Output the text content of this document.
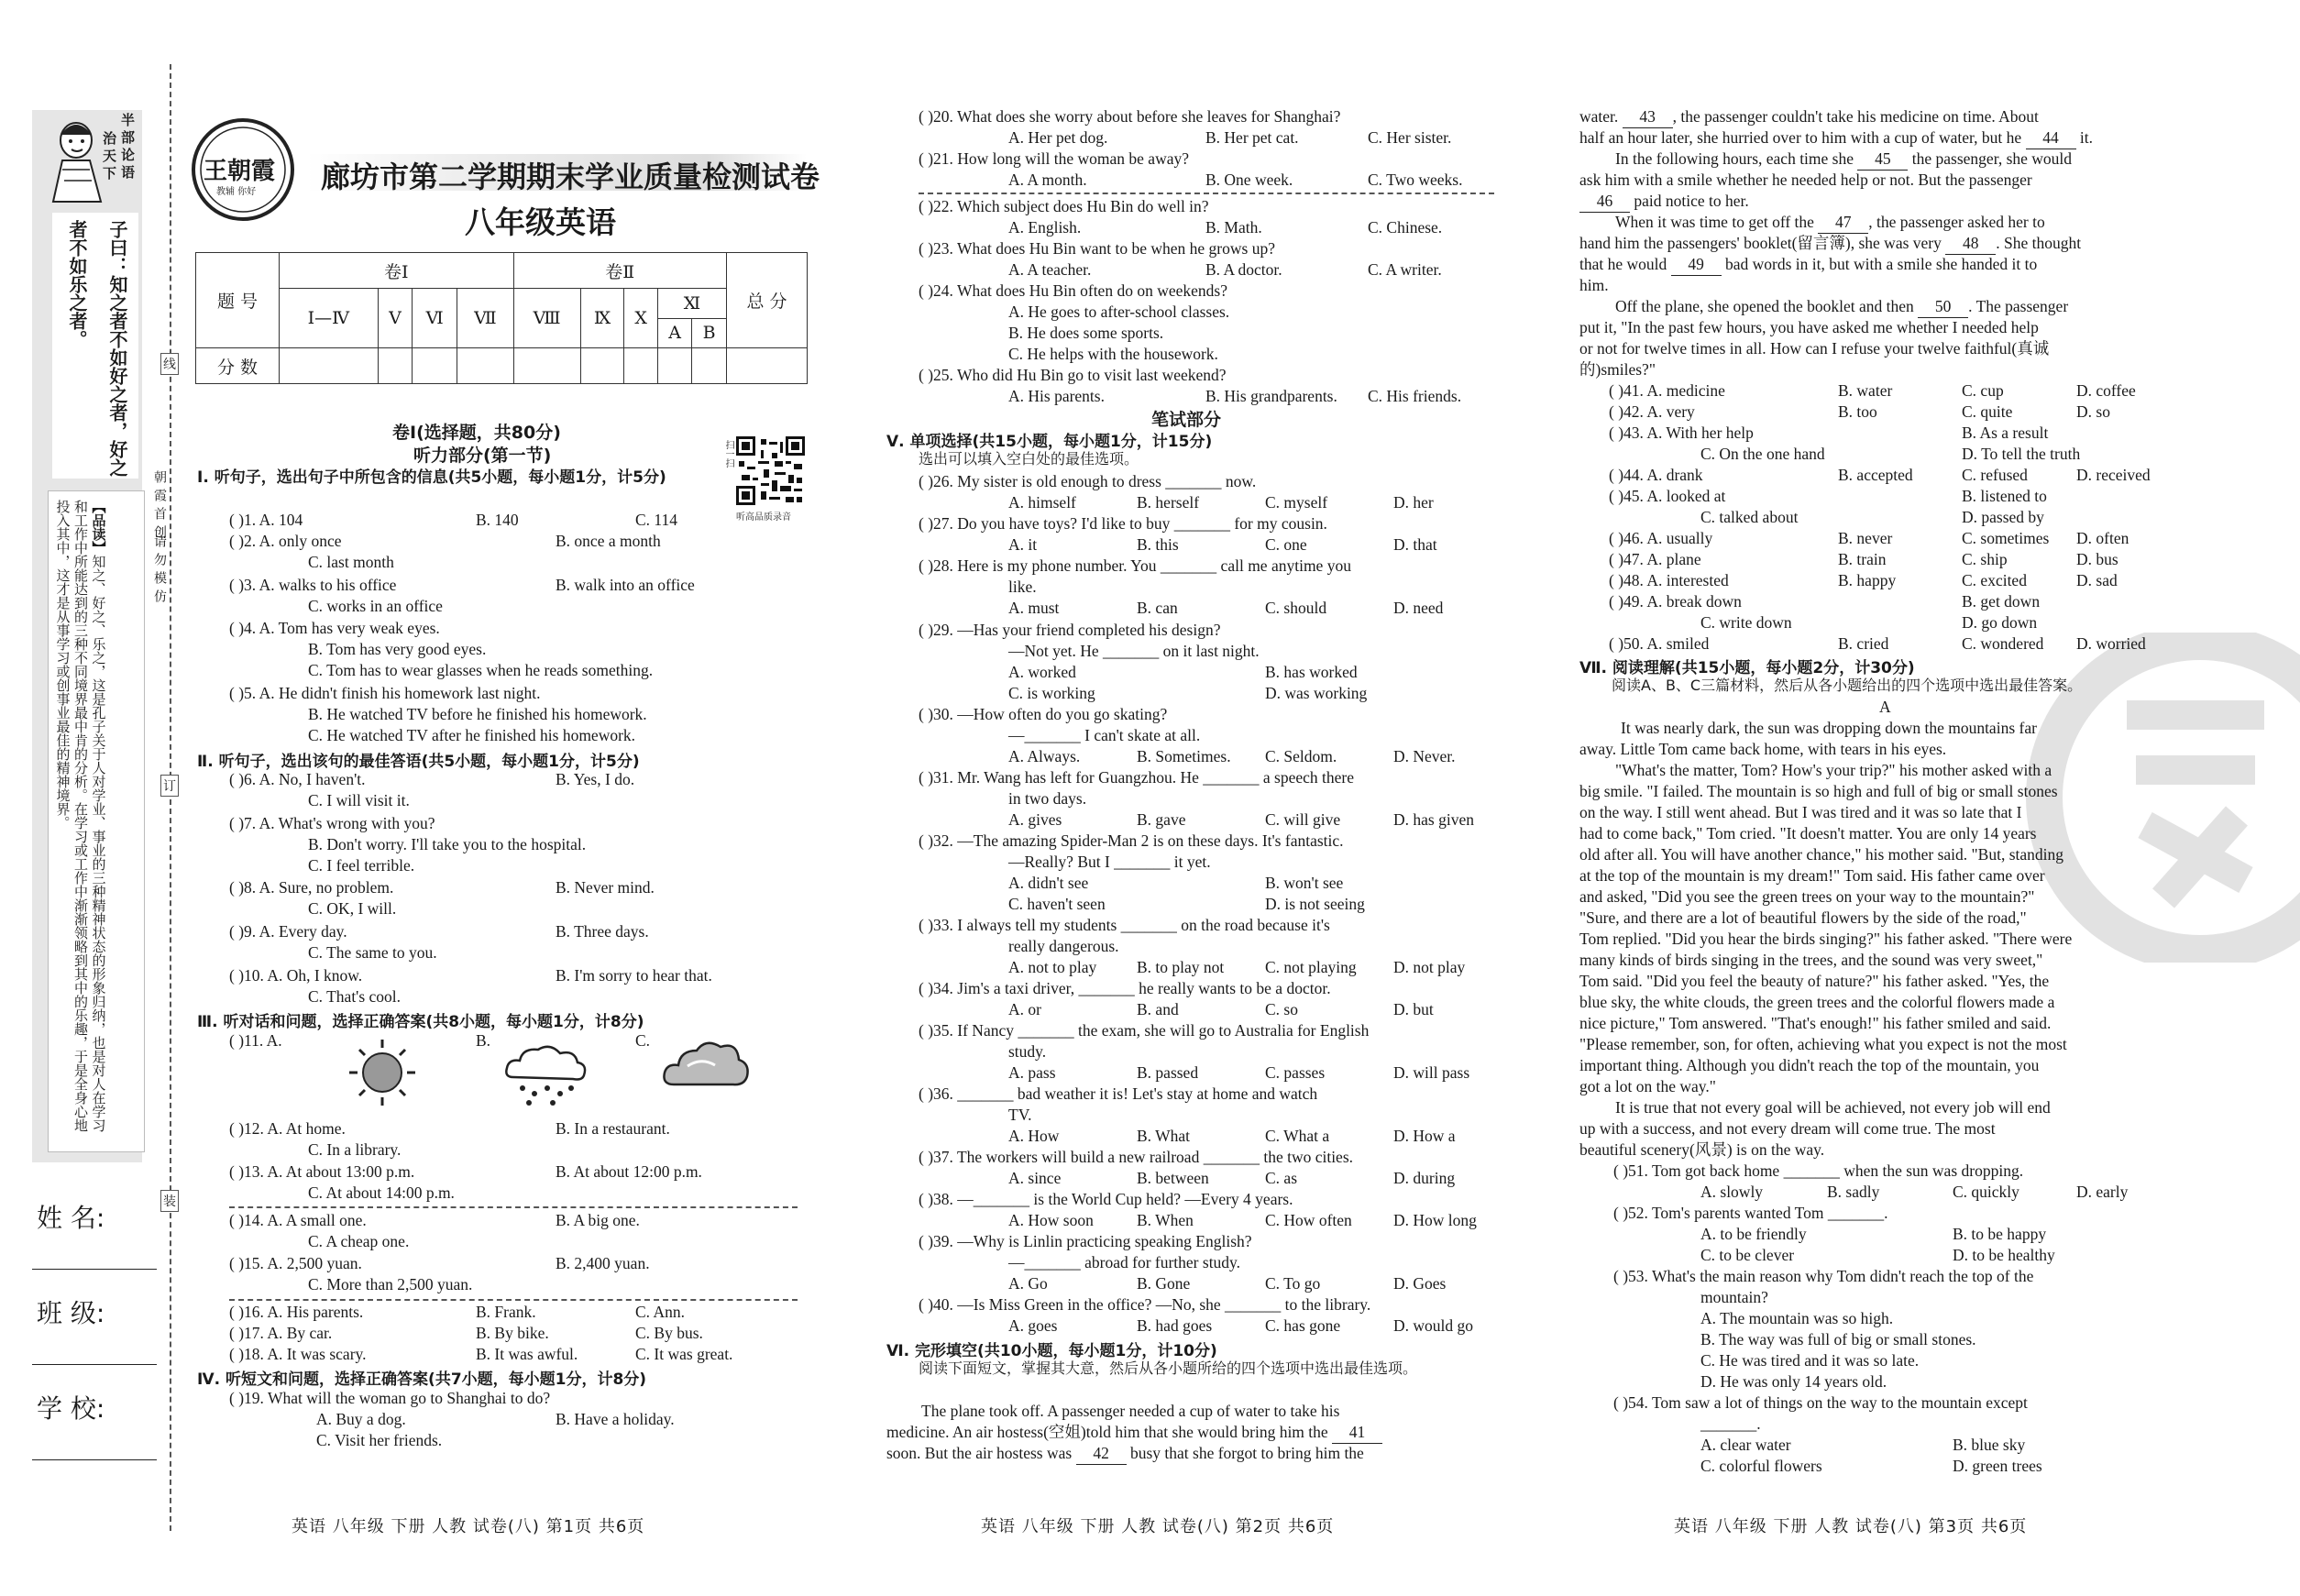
半部论语
治天下
子曰：知之者不如好之者，好之者不如乐之者。
【品读】知之、好之、乐之，这是孔子关于人对学业、事业的三种精神状态的形象归纳，也是对人在学习和工作中所能达到的三种不同境界最中肯的分析。在学习或工作中渐渐领略到其中的乐趣，于是全身心地投入其中，这才是从事学习或创事业最佳的精神境界。	朝霞首创
请勿模仿
线
订
装
姓 名:
班 级:
学 校:
王朝霞
教辅 你好 廊坊市第二学期期末学业质量检测试卷
八年级英语
题 号	卷Ⅰ				卷Ⅱ					总 分
	Ⅰ—Ⅳ	Ⅴ	Ⅵ	Ⅶ	Ⅷ	Ⅸ	Ⅹ	Ⅺ		
								A	B	
分 数										
扫一扫
听高品质录音
卷Ⅰ(选择题，共80分)
听力部分(第一节)
Ⅰ. 听句子，选出句子中所包含的信息(共5小题，每小题1分，计5分)
( )1. A. 104	B. 140	C. 114
( )2. A. only once	B. once a month
C. last month
( )3. A. walks to his office	B. walk into an office
C. works in an office
( )4. A. Tom has very weak eyes.
B. Tom has very good eyes.
C. Tom has to wear glasses when he reads something.
( )5. A. He didn't finish his homework last night.
B. He watched TV before he finished his homework.
C. He watched TV after he finished his homework.
Ⅱ. 听句子，选出该句的最佳答语(共5小题，每小题1分，计5分)
( )6. A. No, I haven't.	B. Yes, I do.
C. I will visit it.
( )7. A. What's wrong with you?
B. Don't worry. I'll take you to the hospital.
C. I feel terrible.
( )8. A. Sure, no problem.	B. Never mind.
C. OK, I will.
( )9. A. Every day.	B. Three days.
C. The same to you.
( )10. A. Oh, I know.	B. I'm sorry to hear that.
C. That's cool.
Ⅲ. 听对话和问题，选择正确答案(共8小题，每小题1分，计8分)
( )11. A.	B.	C.
( )12. A. At home.	B. In a restaurant.
C. In a library.
( )13. A. At about 13:00 p.m.	B. At about 12:00 p.m.
C. At about 14:00 p.m.
( )14. A. A small one.	B. A big one.
C. A cheap one.
( )15. A. 2,500 yuan.	B. 2,400 yuan.
C. More than 2,500 yuan.
( )16. A. His parents.	B. Frank.	C. Ann.
( )17. A. By car.	B. By bike.	C. By bus.
( )18. A. It was scary.	B. It was awful.	C. It was great.
Ⅳ. 听短文和问题，选择正确答案(共7小题，每小题1分，计8分)
( )19. What will the woman go to Shanghai to do?
A. Buy a dog.	B. Have a holiday.
C. Visit her friends.
英语 八年级 下册 人教 试卷(八) 第1页 共6页
( )20. What does she worry about before she leaves for Shanghai?
A. Her pet dog.	B. Her pet cat.	C. Her sister.
( )21. How long will the woman be away?
A. A month.	B. One week.	C. Two weeks.
( )22. Which subject does Hu Bin do well in?
A. English.	B. Math.	C. Chinese.
( )23. What does Hu Bin want to be when he grows up?
A. A teacher.	B. A doctor.	C. A writer.
( )24. What does Hu Bin often do on weekends?
A. He goes to after-school classes.
B. He does some sports.
C. He helps with the housework.
( )25. Who did Hu Bin go to visit last weekend?
A. His parents.	B. His grandparents. C. His friends.
笔试部分
Ⅴ. 单项选择(共15小题，每小题1分，计15分)
选出可以填入空白处的最佳选项。
( )26. My sister is old enough to dress _______ now.
A. himself	B. herself	C. myself	D. her
( )27. Do you have toys? I'd like to buy _______ for my cousin.
A. it	B. this	C. one	D. that
( )28. Here is my phone number. You _______ call me anytime you
like.
A. must	B. can	C. should	D. need
( )29. —Has your friend completed his design?
—Not yet. He _______ on it last night.
A. worked	B. has worked
C. is working	D. was working
( )30. —How often do you go skating?
—_______ I can't skate at all.
A. Always.	B. Sometimes. C. Seldom.	D. Never.
( )31. Mr. Wang has left for Guangzhou. He _______ a speech there
in two days.
A. gives	B. gave	C. will give	D. has given
( )32. —The amazing Spider-Man 2 is on these days. It's fantastic.
—Really? But I _______ it yet.
A. didn't see	B. won't see
C. haven't seen	D. is not seeing
( )33. I always tell my students _______ on the road because it's
really dangerous.
A. not to play	B. to play not	C. not playing D. not play
( )34. Jim's a taxi driver, _______ he really wants to be a doctor.
A. or	B. and	C. so	D. but
( )35. If Nancy _______ the exam, she will go to Australia for English
study.
A. pass	B. passed	C. passes	D. will pass
( )36. _______ bad weather it is! Let's stay at home and watch
TV.
A. How	B. What	C. What a	D. How a
( )37. The workers will build a new railroad _______ the two cities.
A. since	B. between	C. as	D. during
( )38. —_______ is the World Cup held? —Every 4 years.
A. How soon	B. When	C. How often	D. How long
( )39. —Why is Linlin practicing speaking English?
—_______ abroad for further study.
A. Go	B. Gone	C. To go	D. Goes
( )40. —Is Miss Green in the office? —No, she _______ to the library.
A. goes	B. had goes	C. has gone	D. would go
Ⅵ. 完形填空(共10小题，每小题1分，计10分)
阅读下面短文，掌握其大意，然后从各小题所给的四个选项中选出最佳选项。
The plane took off. A passenger needed a cup of water to take his
medicine. An air hostess(空姐)told him that she would bring him the 41
soon. But the air hostess was 42 busy that she forgot to bring him the
英语 八年级 下册 人教 试卷(八) 第2页 共6页
water. 43 , the passenger couldn't take his medicine on time. About
half an hour later, she hurried over to him with a cup of water, but he 44 it.
In the following hours, each time she 45 the passenger, she would
ask him with a smile whether he needed help or not. But the passenger
46 paid notice to her.
When it was time to get off the 47 , the passenger asked her to
hand him the passengers' booklet(留言簿), she was very 48 . She thought
that he would 49 bad words in it, but with a smile she handed it to
him.
Off the plane, she opened the booklet and then 50 . The passenger
put it, "In the past few hours, you have asked me whether I needed help
or not for twelve times in all. How can I refuse your twelve faithful(真诚
的)smiles?"
( )41. A. medicine	B. water	C. cup	D. coffee
( )42. A. very	B. too	C. quite	D. so
( )43. A. With her help	B. As a result
C. On the one hand	D. To tell the truth
( )44. A. drank	B. accepted	C. refused	D. received
( )45. A. looked at	B. listened to
C. talked about	D. passed by
( )46. A. usually	B. never	C. sometimes D. often
( )47. A. plane	B. train	C. ship	D. bus
( )48. A. interested	B. happy	C. excited	D. sad
( )49. A. break down	B. get down
C. write down	D. go down
( )50. A. smiled	B. cried	C. wondered D. worried
Ⅶ. 阅读理解(共15小题，每小题2分，计30分)
阅读A、B、C三篇材料，然后从各小题给出的四个选项中选出最佳答案。
A
It was nearly dark, the sun was dropping down the mountains far
away. Little Tom came back home, with tears in his eyes.
"What's the matter, Tom? How's your trip?" his mother asked with a
big smile. "I failed. The mountain is so high and full of big or small stones
on the way. I still went ahead. But I was tired and it was so late that I
had to come back," Tom cried. "It doesn't matter. You are only 14 years
old after all. You will have another chance," his mother said. "But, standing
at the top of the mountain is my dream!" Tom said. His father came over
and asked, "Did you see the green trees on your way to the mountain?"
"Sure, and there are a lot of beautiful flowers by the side of the road,"
Tom replied. "Did you hear the birds singing?" his father asked. "There were
many kinds of birds singing in the trees, and the sound was very sweet,"
Tom said. "Did you feel the beauty of nature?" his father asked. "Yes, the
blue sky, the white clouds, the green trees and the colorful flowers made a
nice picture," Tom answered. "That's enough!" his father smiled and said.
"Please remember, son, for often, achieving what you expect is not the most
important thing. Although you didn't reach the top of the mountain, you
got a lot on the way."
It is true that not every goal will be achieved, not every job will end
up with a success, and not every dream will come true. The most
beautiful scenery(风景) is on the way.
( )51. Tom got back home _______ when the sun was dropping.
A. slowly	B. sadly	C. quickly	D. early
( )52. Tom's parents wanted Tom _______.
A. to be friendly	B. to be happy
C. to be clever	D. to be healthy
( )53. What's the main reason why Tom didn't reach the top of the
mountain?
A. The mountain was so high.
B. The way was full of big or small stones.
C. He was tired and it was so late.
D. He was only 14 years old.
( )54. Tom saw a lot of things on the way to the mountain except
_______.
A. clear water	B. blue sky
C. colorful flowers	D. green trees
英语 八年级 下册 人教 试卷(八) 第3页 共6页
